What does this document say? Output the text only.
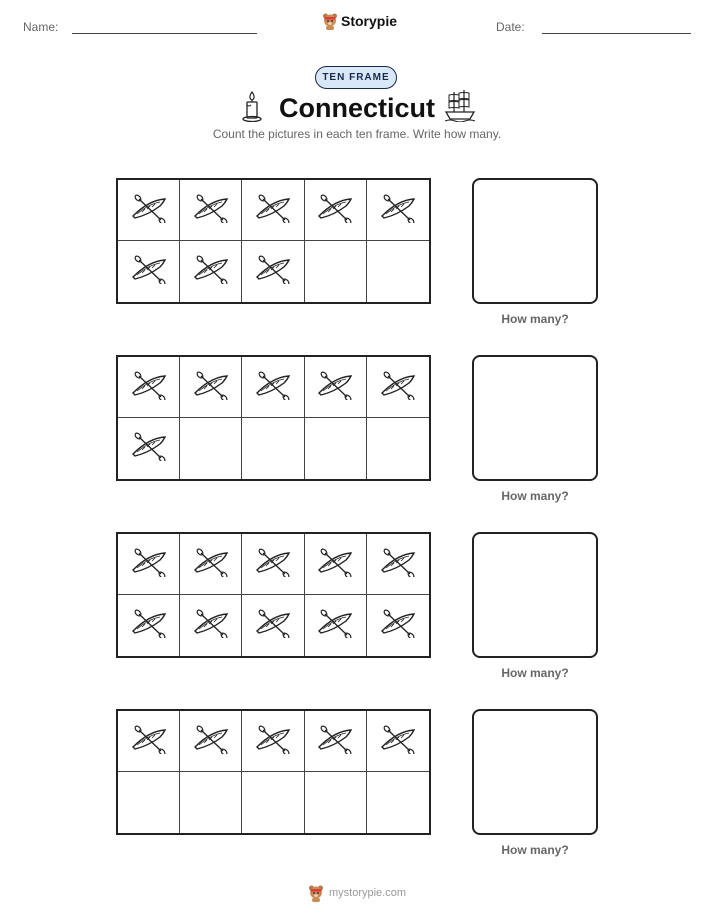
Name:	Date:
Storypie
TEN FRAME
Connecticut
Count the pictures in each ten frame. Write how many.
How many?
How many?
How many?
How many?
mystorypie.com
